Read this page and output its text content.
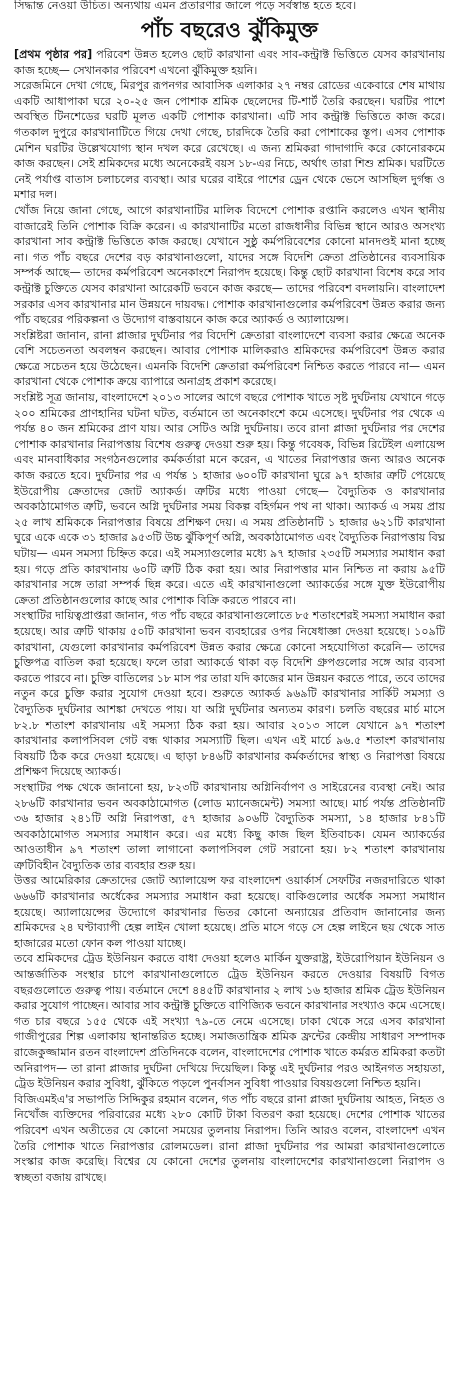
সিদ্ধান্ত নেওয়া উচিত। অন্যথায় এমন প্রতারণার জালে পড়ে সর্বস্বান্ত হতে হবে।
পাঁচ বছরেও ঝুঁকিমুক্ত

[প্রথম পৃষ্ঠার পর] পরিবেশ উন্নত হলেও ছোট কারখানা এবং সাব-কন্ট্রাক্ট ভিত্তিতে যেসব কারখানায় কাজ হচ্ছে— সেখানকার পরিবেশ এখনো ঝুঁকিমুক্ত হয়নি।

সরেজমিনে দেখা গেছে, মিরপুর রূপনগর আবাসিক এলাকার ২৭ নম্বর রোডের একেবারে শেষ মাথায় একটি আধাপাকা ঘরে ২০-২৫ জন পোশাক শ্রমিক ছেলেদের টি-শার্ট তৈরি করছেন। ঘরটির পাশে অবস্থিত টিনশেডের ঘরটি মূলত একটি পোশাক কারখানা। এটি সাব কন্ট্রাক্ট ভিত্তিতে কাজ করে। গতকাল দুপুরে কারখানাটিতে গিয়ে দেখা গেছে, চারদিকে তৈরি করা পোশাকের স্তূপ। এসব পোশাক মেশিন ঘরটির উল্লেখযোগ্য স্থান দখল করে রেখেছে। এ জন্য শ্রমিকরা গাদাগাদি করে কোনোরকমে কাজ করছেন। সেই শ্রমিকদের মধ্যে অনেকেরই বয়স ১৮-এর নিচে, অর্থাৎ তারা শিশু শ্রমিক। ঘরটিতে নেই পর্যাপ্ত বাতাস চলাচলের ব্যবস্থা। আর ঘরের বাইরে পাশের ড্রেন থেকে ভেসে আসছিল দুর্গন্ধ ও মশার দল।

খোঁজ নিয়ে জানা গেছে, আগে কারখানাটির মালিক বিদেশে পোশাক রপ্তানি করলেও এখন স্থানীয় বাজারেই তিনি পোশাক বিক্রি করেন। এ কারখানাটির মতো রাজধানীর বিভিন্ন স্থানে আরও অসংখ্য কারখানা সাব কন্ট্রাক্ট ভিত্তিতে কাজ করছে। যেখানে সুষ্ঠু কর্মপরিবেশের কোনো মানদণ্ডই মানা হচ্ছে না। গত পাঁচ বছরে দেশের বড় কারখানাগুলো, যাদের সঙ্গে বিদেশি ক্রেতা প্রতিষ্ঠানের ব্যবসায়িক সম্পর্ক আছে— তাদের কর্মপরিবেশ অনেকাংশে নিরাপদ হয়েছে। কিন্তু ছোট কারখানা বিশেষ করে সাব কন্ট্রাক্ট চুক্তিতে যেসব কারখানা আরেকটি ভবনে কাজ করছে— তাদের পরিবেশ বদলায়নি। বাংলাদেশ সরকার এসব কারখানার মান উন্নয়নে দায়বদ্ধ। পোশাক কারখানাগুলোর কর্মপরিবেশ উন্নত করার জন্য পাঁচ বছরের পরিকল্পনা ও উদ্যোগ বাস্তবায়নে কাজ করে অ্যাকর্ড ও অ্যালায়েন্স।

সংশ্লিষ্টরা জানান, রানা প্লাজার দুর্ঘটনার পর বিদেশি ক্রেতারা বাংলাদেশে ব্যবসা করার ক্ষেত্রে অনেক বেশি সচেতনতা অবলম্বন করছেন। আবার পোশাক মালিকরাও শ্রমিকদের কর্মপরিবেশ উন্নত করার ক্ষেত্রে সচেতন হয়ে উঠেছেন। এমনকি বিদেশি ক্রেতারা কর্মপরিবেশ নিশ্চিত করতে পারবে না— এমন কারখানা থেকে পোশাক ক্রয়ে ব্যাপারে অনাগ্রহ প্রকাশ করেছে।

সংশ্লিষ্ট সূত্র জানায়, বাংলাদেশে ২০১৩ সালের আগে বছরে পোশাক খাতে সৃষ্ট দুর্ঘটনায় যেখানে গড়ে ২০০ শ্রমিকের প্রাণহানির ঘটনা ঘটত, বর্তমানে তা অনেকাংশে কমে এসেছে। দুর্ঘটনার পর থেকে এ পর্যন্ত ৪০ জন শ্রমিকের প্রাণ যায়। আর সেটিও অগ্নি দুর্ঘটনায়। তবে রানা প্লাজা দুর্ঘটনার পর দেশের পোশাক কারখানার নিরাপত্তায় বিশেষ গুরুত্ব দেওয়া শুরু হয়। কিন্তু গবেষক, বিভিন্ন রিটেইল এলায়েন্স এবং মানবাধিকার সংগঠনগুলোর কর্মকর্তারা মনে করেন, এ খাতের নিরাপত্তার জন্য আরও অনেক কাজ করতে হবে। দুর্ঘটনার পর এ পর্যন্ত ১ হাজার ৬০০টি কারখানা ঘুরে ৯৭ হাজার ত্রুটি পেয়েছে ইউরোপীয় ক্রেতাদের জোট অ্যাকর্ড। ত্রুটির মধ্যে পাওয়া গেছে— বৈদ্যুতিক ও কারখানার অবকাঠামোগত ত্রুটি, ভবনে অগ্নি দুর্ঘটনার সময় বিকল্প বহির্গমন পথ না থাকা। অ্যাকর্ড এ সময় প্রায় ২৫ লাখ শ্রমিককে নিরাপত্তার বিষয়ে প্রশিক্ষণ দেয়। এ সময় প্রতিষ্ঠানটি ১ হাজার ৬২১টি কারখানা ঘুরে একে একে ৩১ হাজার ৯৫৩টি উচ্চ ঝুঁকিপূর্ণ অগ্নি, অবকাঠামোগত এবং বৈদ্যুতিক নিরাপত্তায় বিঘ্ন ঘটায়— এমন সমস্যা চিহ্নিত করে। এই সমস্যাগুলোর মধ্যে ৯৭ হাজার ২৩৫টি সমস্যার সমাধান করা হয়। গড়ে প্রতি কারখানায় ৬০টি ত্রুটি ঠিক করা হয়। আর নিরাপত্তার মান নিশ্চিত না করায় ৯৫টি কারখানার সঙ্গে তারা সম্পর্ক ছিন্ন করে। এতে এই কারখানাগুলো অ্যাকর্ডের সঙ্গে যুক্ত ইউরোপীয় ক্রেতা প্রতিষ্ঠানগুলোর কাছে আর পোশাক বিক্রি করতে পারবে না।

সংস্থাটির দায়িত্বপ্রাপ্তরা জানান, গত পাঁচ বছরে কারখানাগুলোতে ৮৫ শতাংশেরই সমস্যা সমাধান করা হয়েছে। আর ত্রুটি থাকায় ৫০টি কারখানা ভবন ব্যবহারের ওপর নিষেধাজ্ঞা দেওয়া হয়েছে। ১০৯টি কারখানা, যেগুলো কারখানার কর্মপরিবেশ উন্নত করার ক্ষেত্রে কোনো সহযোগিতা করেনি— তাদের চুক্তিপত্র বাতিল করা হয়েছে। ফলে তারা অ্যাকর্ডে থাকা বড় বিদেশি গ্রুপগুলোর সঙ্গে আর ব্যবসা করতে পারবে না। চুক্তি বাতিলের ১৮ মাস পর তারা যদি কাজের মান উন্নয়ন করতে পারে, তবে তাদের নতুন করে চুক্তি করার সুযোগ দেওয়া হবে। শুরুতে অ্যাকর্ড ৯৬৯টি কারখানার সার্কিট সমস্যা ও বৈদ্যুতিক দুর্ঘটনার আশঙ্কা দেখতে পায়। যা অগ্নি দুর্ঘটনার অন্যতম কারণ। চলতি বছরের মার্চ মাসে ৮২.৮ শতাংশ কারখানায় এই সমস্যা ঠিক করা হয়। আবার ২০১৩ সালে যেখানে ৯৭ শতাংশ কারখানার কলাপসিবল গেট বন্ধ থাকার সমস্যাটি ছিল। এখন এই মার্চে ৯৬.৫ শতাংশ কারখানায় বিষয়টি ঠিক করে দেওয়া হয়েছে। এ ছাড়া ৮৪৬টি কারখানার কর্মকর্তাদের স্বাস্থ্য ও নিরাপত্তা বিষয়ে প্রশিক্ষণ দিয়েছে অ্যাকর্ড।

সংস্থাটির পক্ষ থেকে জানানো হয়, ৮২৩টি কারখানায় অগ্নিনির্বাপণ ও সাইরেনের ব্যবস্থা নেই। আর ২৮৬টি কারখানার ভবন অবকাঠামোগত (লোড ম্যানেজমেন্ট) সমস্যা আছে। মার্চ পর্যন্ত প্রতিষ্ঠানটি ৩৬ হাজার ২৪১টি অগ্নি নিরাপত্তা, ৫৭ হাজার ৯০৬টি বৈদ্যুতিক সমস্যা, ১৪ হাজার ৮৪১টি অবকাঠামোগত সমস্যার সমাধান করে। এর মধ্যে কিছু কাজ ছিল ইতিবাচক। যেমন অ্যাকর্ডের আওতাধীন ৯৭ শতাংশ তালা লাগানো কলাপসিবল গেট সরানো হয়। ৮২ শতাংশ কারখানায় ত্রুটিবিহীন বৈদ্যুতিক তার ব্যবহার শুরু হয়।

উত্তর আমেরিকার ক্রেতাদের জোট অ্যালায়েন্স ফর বাংলাদেশ ওয়ার্কার্স সেফটির নজরদারিতে থাকা ৬৬৬টি কারখানার অর্ধেকের সমস্যার সমাধান করা হয়েছে। বাকিগুলোর অর্ধেক সমস্যা সমাধান হয়েছে। অ্যালায়েন্সের উদ্যোগে কারখানার ভিতর কোনো অন্যায়ের প্রতিবাদ জানানোর জন্য শ্রমিকদের ২৪ ঘণ্টাব্যাপী হেল্প লাইন খোলা হয়েছে। প্রতি মাসে গড়ে সে হেল্প লাইনে ছয় থেকে সাত হাজারের মতো ফোন কল পাওয়া যাচ্ছে।

তবে শ্রমিকদের ট্রেড ইউনিয়ন করতে বাধা দেওয়া হলেও মার্কিন যুক্তরাষ্ট্র, ইউরোপিয়ান ইউনিয়ন ও আন্তর্জাতিক সংস্থার চাপে কারখানাগুলোতে ট্রেড ইউনিয়ন করতে দেওয়ার বিষয়টি বিগত বছরগুলোতে গুরুত্ব পায়। বর্তমানে দেশে ৪৪৫টি কারখানার ২ লাখ ১৬ হাজার শ্রমিক ট্রেড ইউনিয়ন করার সুযোগ পাচ্ছেন। আবার সাব কন্ট্রাক্ট চুক্তিতে বাণিজ্যিক ভবনে কারখানার সংখ্যাও কমে এসেছে। গত চার বছরে ১৫৫ থেকে এই সংখ্যা ৭৯-তে নেমে এসেছে। ঢাকা থেকে সরে এসব কারখানা গাজীপুরের শিল্প এলাকায় স্থানান্তরিত হচ্ছে। সমাজতান্ত্রিক শ্রমিক ফ্রন্টের কেন্দ্রীয় সাধারণ সম্পাদক রাজেকুজ্জামান রতন বাংলাদেশ প্রতিদিনকে বলেন, বাংলাদেশের পোশাক খাতে কর্মরত শ্রমিকরা কতটা অনিরাপদ— তা রানা প্লাজার দুর্ঘটনা দেখিয়ে দিয়েছিল। কিন্তু এই দুর্ঘটনার পরও আইনগত সহায়তা, ট্রেড ইউনিয়ন করার সুবিধা, ঝুঁকিতে পড়লে পুনর্বাসন সুবিধা পাওয়ার বিষয়গুলো নিশ্চিত হয়নি।

বিজিএমইএ'র সভাপতি সিদ্দিকুর রহমান বলেন, গত পাঁচ বছরে রানা প্লাজা দুর্ঘটনায় আহত, নিহত ও নিখোঁজ ব্যক্তিদের পরিবারের মধ্যে ২৮০ কোটি টাকা বিতরণ করা হয়েছে। দেশের পোশাক খাতের পরিবেশ এখন অতীতের যে কোনো সময়ের তুলনায় নিরাপদ। তিনি আরও বলেন, বাংলাদেশ এখন তৈরি পোশাক খাতে নিরাপত্তার রোলমডেল। রানা প্লাজা দুর্ঘটনার পর আমরা কারখানাগুলোতে সংস্কার কাজ করেছি। বিশ্বের যে কোনো দেশের তুলনায় বাংলাদেশের কারখানাগুলো নিরাপদ ও স্বচ্ছতা বজায় রাখছে।
